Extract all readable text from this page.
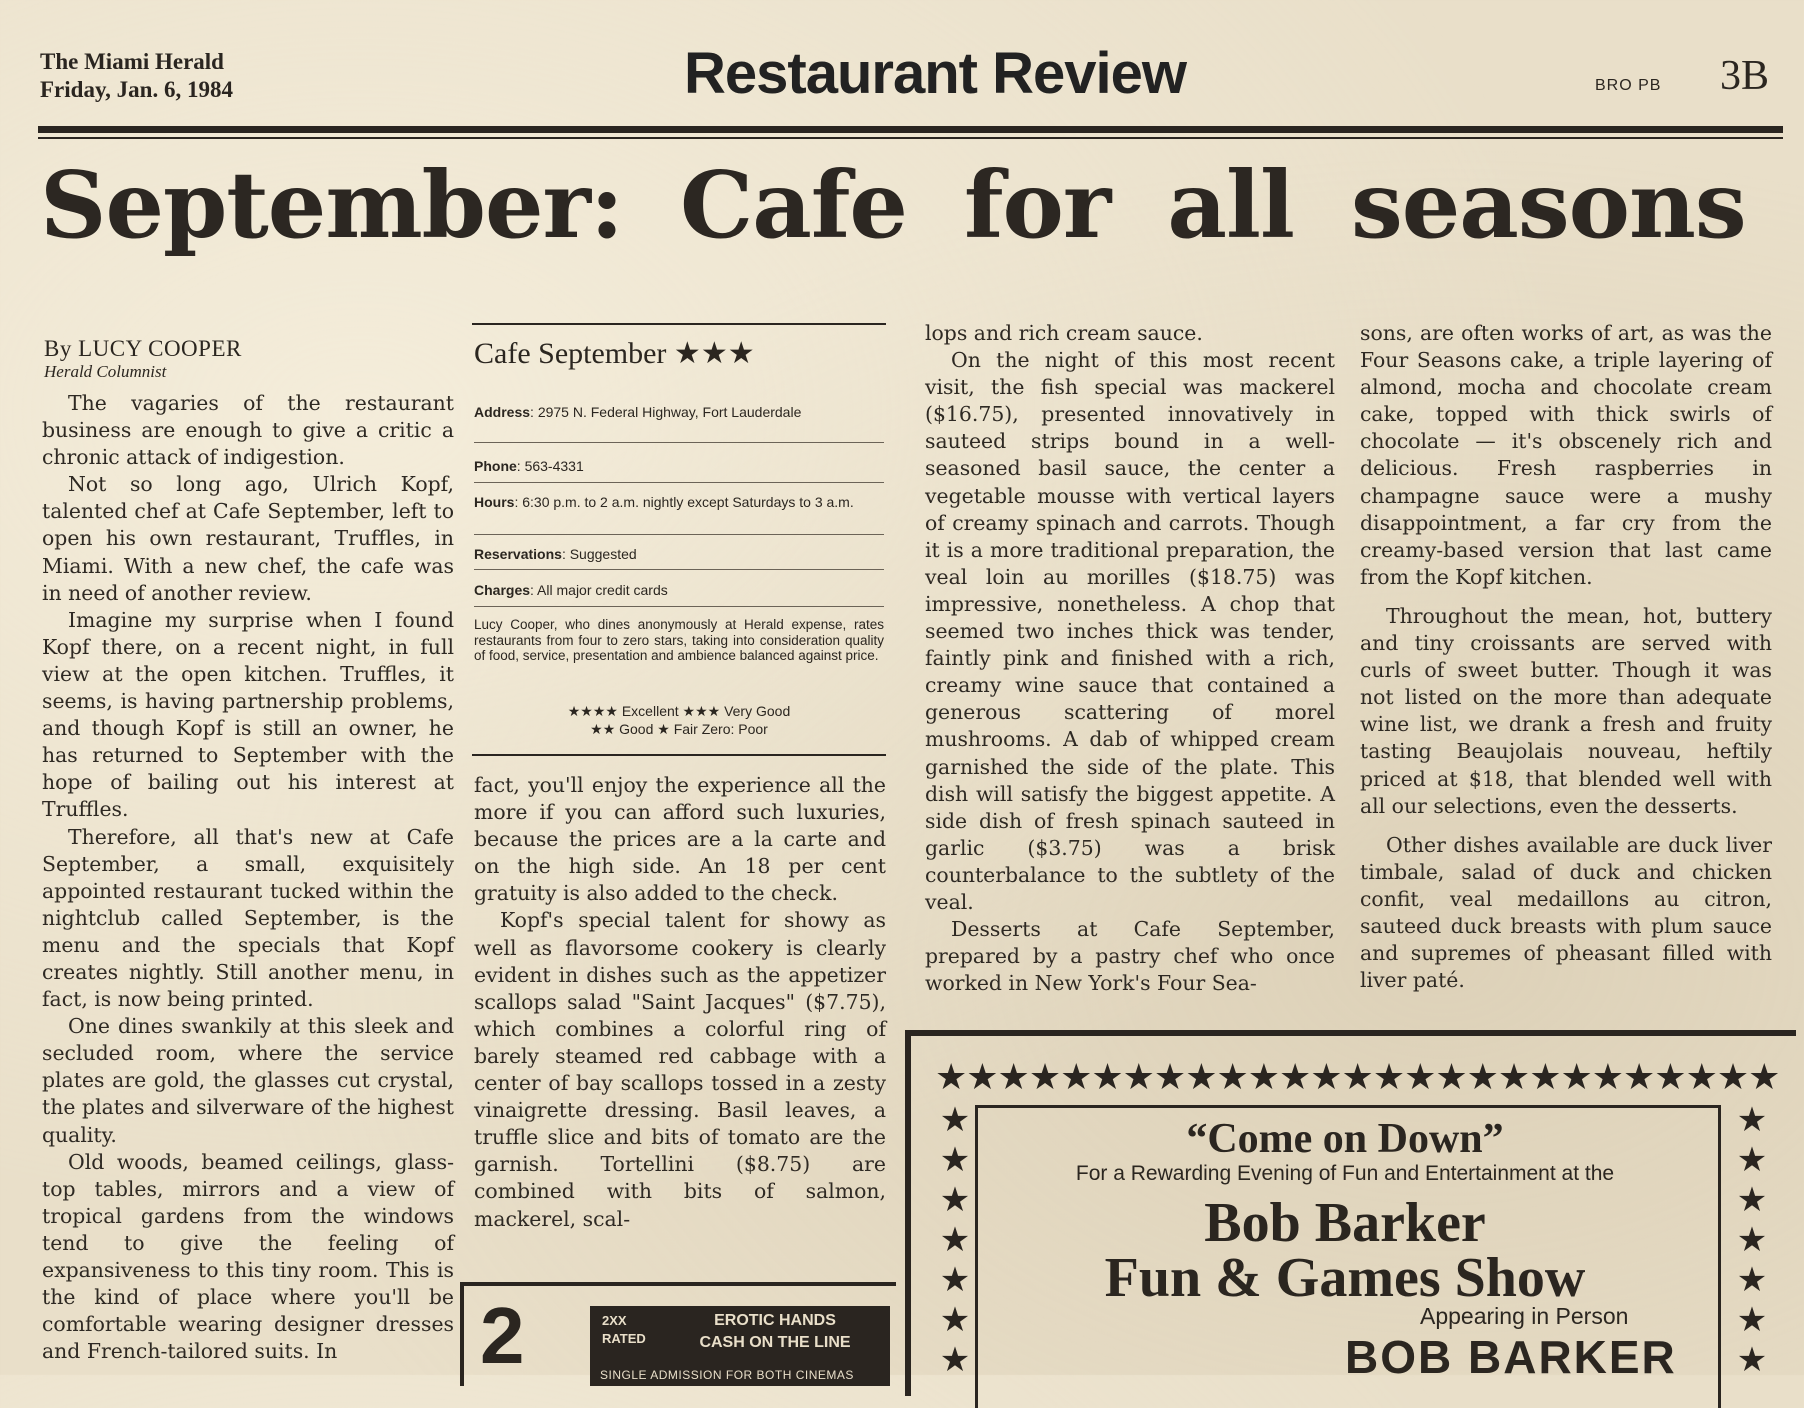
The Miami Herald
Friday, Jan. 6, 1984	Restaurant Review	BRO PB 3B
September: Cafe for all seasons
By LUCY COOPER
Herald Columnist

The vagaries of the restaurant business are enough to give a critic a chronic attack of indigestion.

Not so long ago, Ulrich Kopf, talented chef at Cafe September, left to open his own restaurant, Truffles, in Miami. With a new chef, the cafe was in need of another review.

Imagine my surprise when I found Kopf there, on a recent night, in full view at the open kitchen. Truffles, it seems, is having partnership problems, and though Kopf is still an owner, he has returned to September with the hope of bailing out his interest at Truffles.

Therefore, all that's new at Cafe September, a small, exquisitely appointed restaurant tucked within the nightclub called September, is the menu and the specials that Kopf creates nightly. Still another menu, in fact, is now being printed.

One dines swankily at this sleek and secluded room, where the service plates are gold, the glasses cut crystal, the plates and silverware of the highest quality.

Old woods, beamed ceilings, glass-top tables, mirrors and a view of tropical gardens from the windows tend to give the feeling of expansiveness to this tiny room. This is the kind of place where you'll be comfortable wearing designer dresses and French-tailored suits. In

Cafe September ★★★
Address: 2975 N. Federal Highway, Fort Lauderdale
Phone: 563-4331
Hours: 6:30 p.m. to 2 a.m. nightly except Saturdays to 3 a.m.
Reservations: Suggested
Charges: All major credit cards
Lucy Cooper, who dines anonymously at Herald expense, rates restaurants from four to zero stars, taking into consideration quality of food, service, presentation and ambience balanced against price.
★★★★ Excellent ★★★ Very Good
★★ Good ★ Fair Zero: Poor

fact, you'll enjoy the experience all the more if you can afford such luxuries, because the prices are a la carte and on the high side. An 18 per cent gratuity is also added to the check.

Kopf's special talent for showy as well as flavorsome cookery is clearly evident in dishes such as the appetizer scallops salad "Saint Jacques" ($7.75), which combines a colorful ring of barely steamed red cabbage with a center of bay scallops tossed in a zesty vinaigrette dressing. Basil leaves, a truffle slice and bits of tomato are the garnish. Tortellini ($8.75) are combined with bits of salmon, mackerel, scal-

2	2XX
RATED
EROTIC HANDS
CASH ON THE LINE
SINGLE ADMISSION FOR BOTH CINEMAS

lops and rich cream sauce.

On the night of this most recent visit, the fish special was mackerel ($16.75), presented innovatively in sauteed strips bound in a well-seasoned basil sauce, the center a vegetable mousse with vertical layers of creamy spinach and carrots. Though it is a more traditional preparation, the veal loin au morilles ($18.75) was impressive, nonetheless. A chop that seemed two inches thick was tender, faintly pink and finished with a rich, creamy wine sauce that contained a generous scattering of morel mushrooms. A dab of whipped cream garnished the side of the plate. This dish will satisfy the biggest appetite. A side dish of fresh spinach sauteed in garlic ($3.75) was a brisk counterbalance to the subtlety of the veal.

Desserts at Cafe September, prepared by a pastry chef who once worked in New York's Four Sea-

sons, are often works of art, as was the Four Seasons cake, a triple layering of almond, mocha and chocolate cream cake, topped with thick swirls of chocolate — it's obscenely rich and delicious. Fresh raspberries in champagne sauce were a mushy disappointment, a far cry from the creamy-based version that last came from the Kopf kitchen.

Throughout the mean, hot, buttery and tiny croissants are served with curls of sweet butter. Though it was not listed on the more than adequate wine list, we drank a fresh and fruity tasting Beaujolais nouveau, heftily priced at $18, that blended well with all our selections, even the desserts.

Other dishes available are duck liver timbale, salad of duck and chicken confit, veal medaillons au citron, sauteed duck breasts with plum sauce and supremes of pheasant filled with liver paté.

★★★★★★★★★★★★★★★★★★★★★★★★★★★
★
★
★
★
★
★
★
★
★
★
★
★
★
★
“Come on Down”
For a Rewarding Evening of Fun and Entertainment at the
Bob Barker
Fun & Games Show
Appearing in Person
BOB BARKER
